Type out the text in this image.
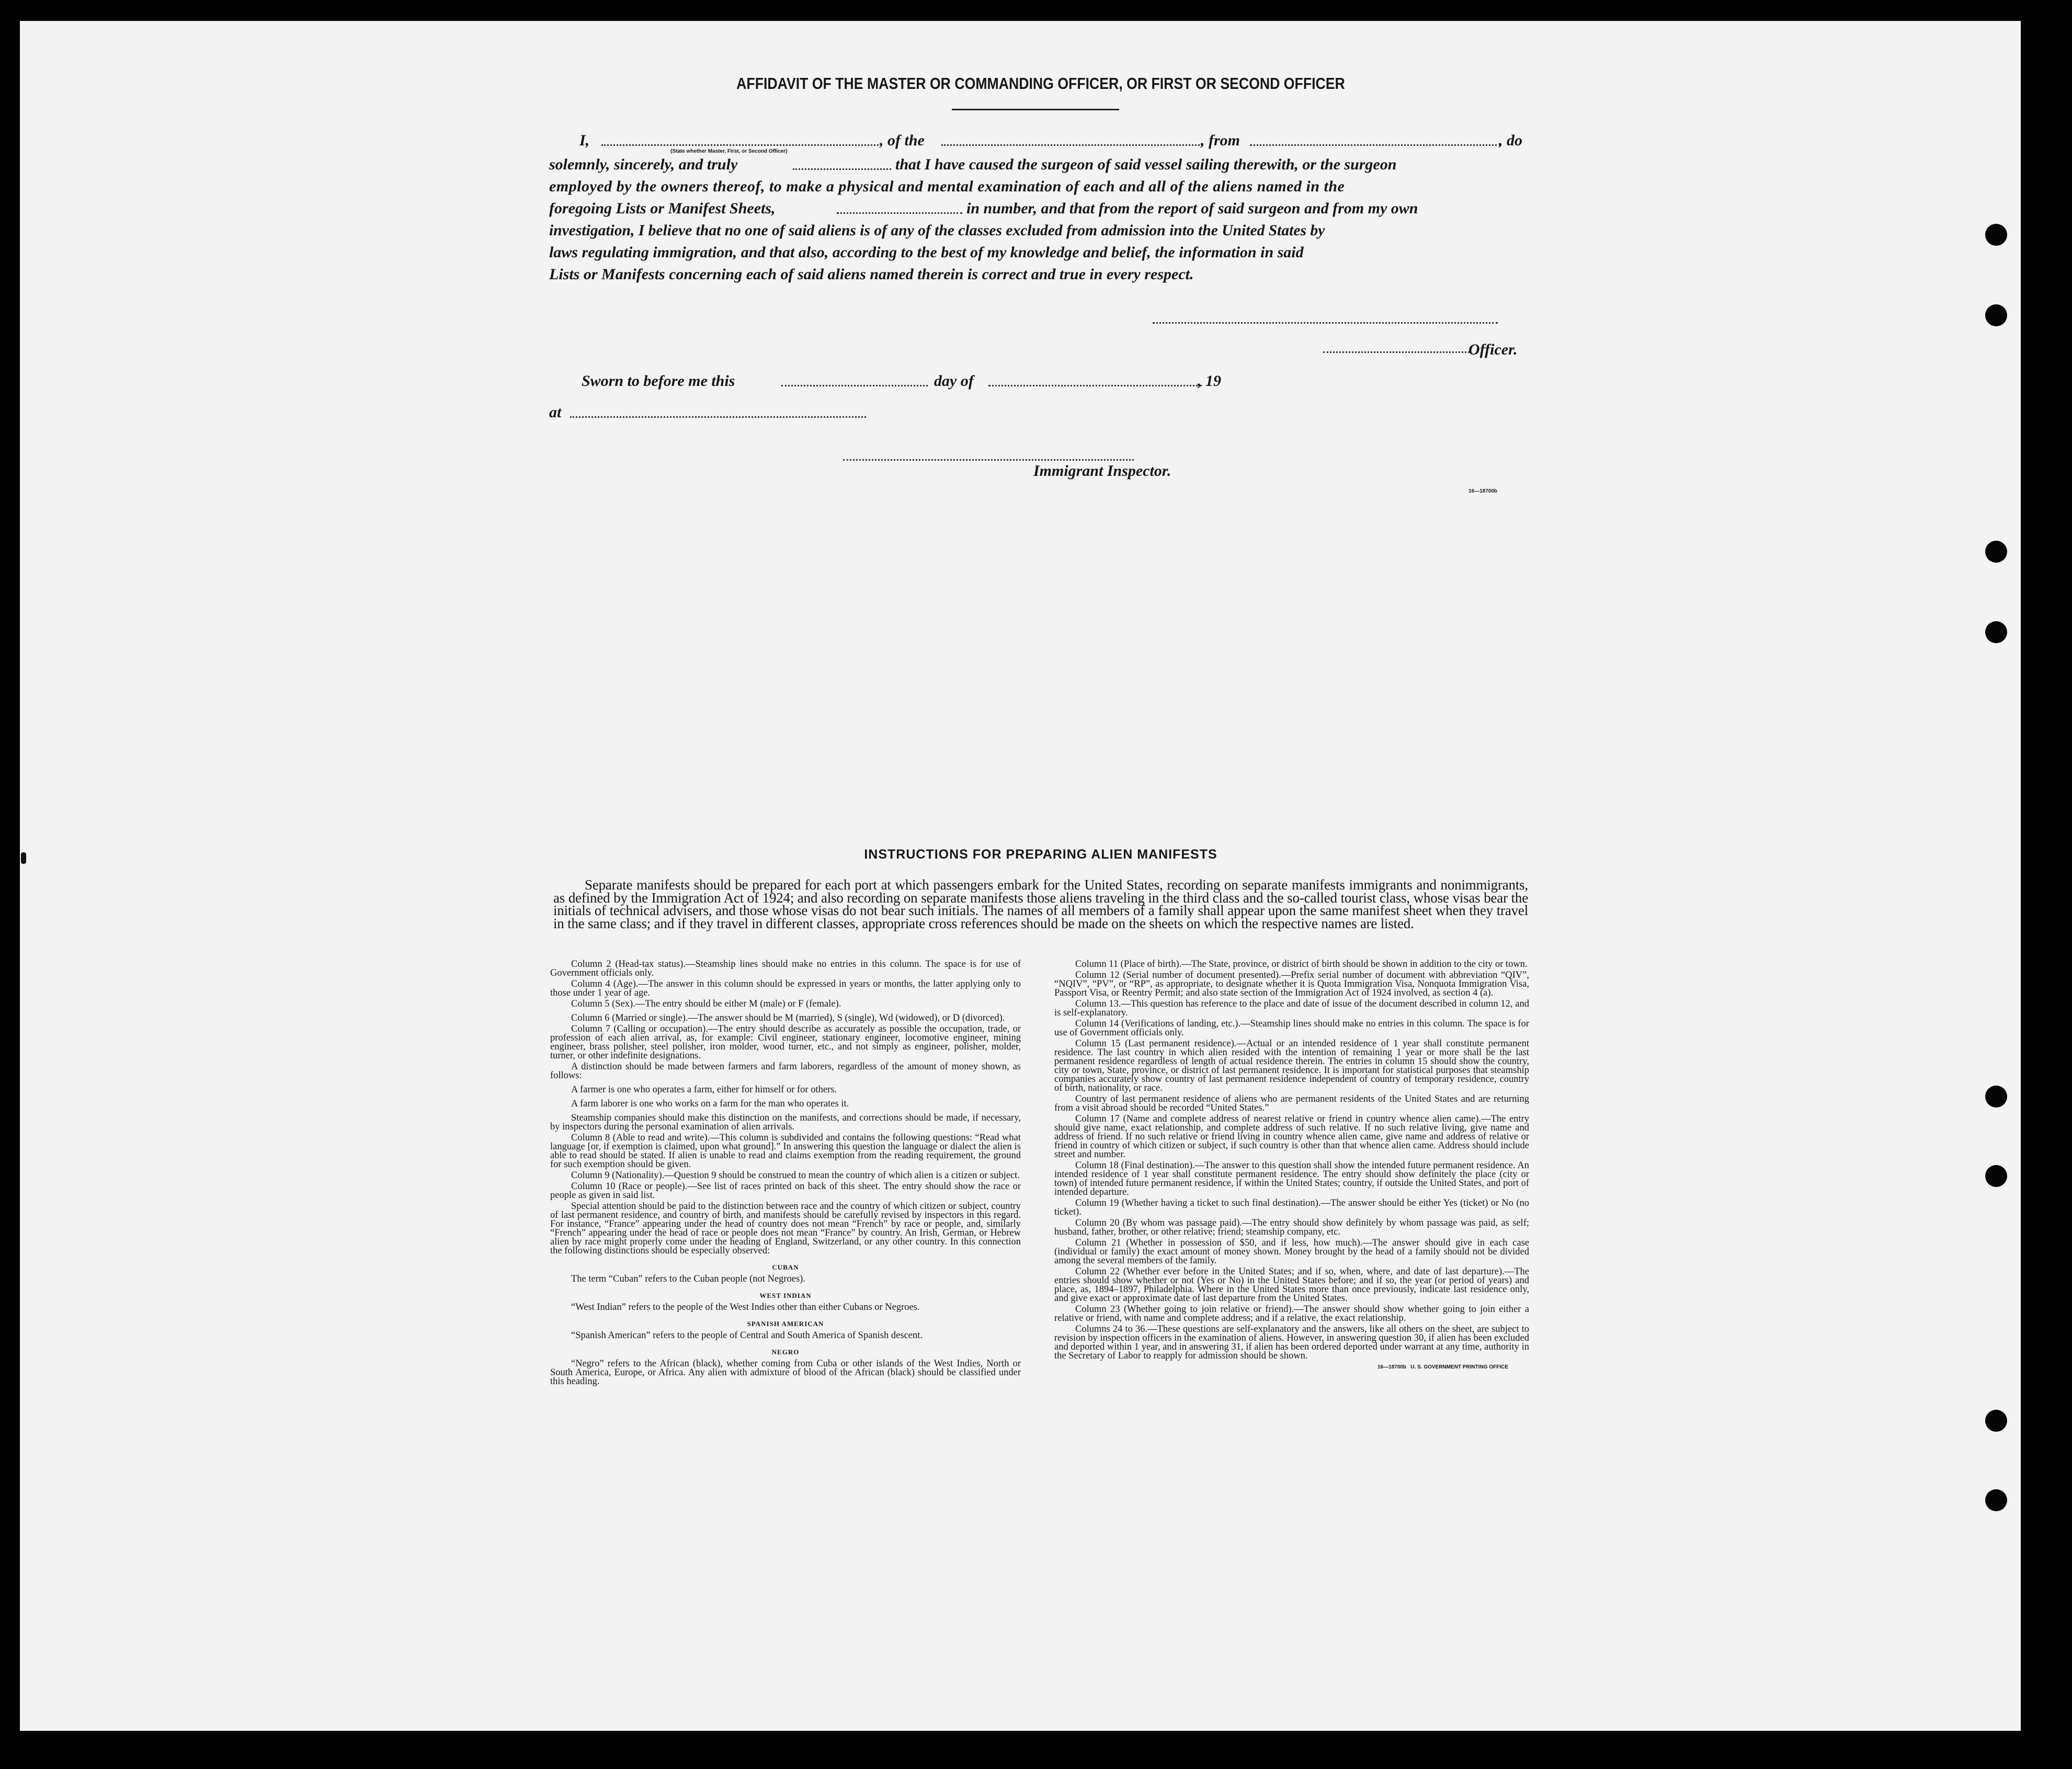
AFFIDAVIT OF THE MASTER OR COMMANDING OFFICER, OR FIRST OR SECOND OFFICER
I,
(State whether Master, First, or Second Officer)
, of the	, from	, do
solemnly, sincerely, and truly	that I have caused the surgeon of said vessel sailing therewith, or the surgeon
employed by the owners thereof, to make a physical and mental examination of each and all of the aliens named in the
foregoing Lists or Manifest Sheets,	in number, and that from the report of said surgeon and from my own
investigation, I believe that no one of said aliens is of any of the classes excluded from admission into the United States by
laws regulating immigration, and that also, according to the best of my knowledge and belief, the information in said
Lists or Manifests concerning each of said aliens named therein is correct and true in every respect.
Officer.
Sworn to before me this	day of	, 19
at
Immigrant Inspector.
16—18700b
INSTRUCTIONS FOR PREPARING ALIEN MANIFESTS

Separate manifests should be prepared for each port at which passengers embark for the United States, recording on separate manifests immigrants and nonimmigrants, as defined by the Immigration Act of 1924; and also recording on separate manifests those aliens traveling in the third class and the so-called tourist class, whose visas bear the initials of technical advisers, and those whose visas do not bear such initials. The names of all members of a family shall appear upon the same manifest sheet when they travel in the same class; and if they travel in different classes, appropriate cross references should be made on the sheets on which the respective names are listed.

Column 2 (Head-tax status).—Steamship lines should make no entries in this column. The space is for use of Government officials only.

Column 4 (Age).—The answer in this column should be expressed in years or months, the latter applying only to those under 1 year of age.

Column 5 (Sex).—The entry should be either M (male) or F (female).

Column 6 (Married or single).—The answer should be M (married), S (single), Wd (widowed), or D (divorced).

Column 7 (Calling or occupation).—The entry should describe as accurately as possible the occupation, trade, or profession of each alien arrival, as, for example: Civil engineer, stationary engineer, locomotive engineer, mining engineer, brass polisher, steel polisher, iron molder, wood turner, etc., and not simply as engineer, polisher, molder, turner, or other indefinite designations.

A distinction should be made between farmers and farm laborers, regardless of the amount of money shown, as follows:

A farmer is one who operates a farm, either for himself or for others.

A farm laborer is one who works on a farm for the man who operates it.

Steamship companies should make this distinction on the manifests, and corrections should be made, if necessary, by inspectors during the personal examination of alien arrivals.

Column 8 (Able to read and write).—This column is subdivided and contains the following questions: “Read what language [or, if exemption is claimed, upon what ground].” In answering this question the language or dialect the alien is able to read should be stated. If alien is unable to read and claims exemption from the reading requirement, the ground for such exemption should be given.

Column 9 (Nationality).—Question 9 should be construed to mean the country of which alien is a citizen or subject.

Column 10 (Race or people).—See list of races printed on back of this sheet. The entry should show the race or people as given in said list.

Special attention should be paid to the distinction between race and the country of which citizen or subject, country of last permanent residence, and country of birth, and manifests should be carefully revised by inspectors in this regard. For instance, “France” appearing under the head of country does not mean “French” by race or people, and, similarly “French” appearing under the head of race or people does not mean “France” by country. An Irish, German, or Hebrew alien by race might properly come under the heading of England, Switzerland, or any other country. In this connection the following distinctions should be especially observed:

CUBAN

The term “Cuban” refers to the Cuban people (not Negroes).

WEST INDIAN

“West Indian” refers to the people of the West Indies other than either Cubans or Negroes.

SPANISH AMERICAN

“Spanish American” refers to the people of Central and South America of Spanish descent.

NEGRO

“Negro” refers to the African (black), whether coming from Cuba or other islands of the West Indies, North or South America, Europe, or Africa. Any alien with admixture of blood of the African (black) should be classified under this heading.

Column 11 (Place of birth).—The State, province, or district of birth should be shown in addition to the city or town.

Column 12 (Serial number of document presented).—Prefix serial number of document with abbreviation “QIV”, “NQIV”, “PV”, or “RP”, as appropriate, to designate whether it is Quota Immigration Visa, Nonquota Immigration Visa, Passport Visa, or Reentry Permit; and also state section of the Immigration Act of 1924 involved, as section 4 (a).

Column 13.—This question has reference to the place and date of issue of the document described in column 12, and is self-explanatory.

Column 14 (Verifications of landing, etc.).—Steamship lines should make no entries in this column. The space is for use of Government officials only.

Column 15 (Last permanent residence).—Actual or an intended residence of 1 year shall constitute permanent residence. The last country in which alien resided with the intention of remaining 1 year or more shall be the last permanent residence regardless of length of actual residence therein. The entries in column 15 should show the country, city or town, State, province, or district of last permanent residence. It is important for statistical purposes that steamship companies accurately show country of last permanent residence independent of country of temporary residence, country of birth, nationality, or race.

Country of last permanent residence of aliens who are permanent residents of the United States and are returning from a visit abroad should be recorded “United States.”

Column 17 (Name and complete address of nearest relative or friend in country whence alien came).—The entry should give name, exact relationship, and complete address of such relative. If no such relative living, give name and address of friend. If no such relative or friend living in country whence alien came, give name and address of relative or friend in country of which citizen or subject, if such country is other than that whence alien came. Address should include street and number.

Column 18 (Final destination).—The answer to this question shall show the intended future permanent residence. An intended residence of 1 year shall constitute permanent residence. The entry should show definitely the place (city or town) of intended future permanent residence, if within the United States; country, if outside the United States, and port of intended departure.

Column 19 (Whether having a ticket to such final destination).—The answer should be either Yes (ticket) or No (no ticket).

Column 20 (By whom was passage paid).—The entry should show definitely by whom passage was paid, as self; husband, father, brother, or other relative; friend; steamship company, etc.

Column 21 (Whether in possession of $50, and if less, how much).—The answer should give in each case (individual or family) the exact amount of money shown. Money brought by the head of a family should not be divided among the several members of the family.

Column 22 (Whether ever before in the United States; and if so, when, where, and date of last departure).—The entries should show whether or not (Yes or No) in the United States before; and if so, the year (or period of years) and place, as, 1894–1897, Philadelphia. Where in the United States more than once previously, indicate last residence only, and give exact or approximate date of last departure from the United States.

Column 23 (Whether going to join relative or friend).—The answer should show whether going to join either a relative or friend, with name and complete address; and if a relative, the exact relationship.

Columns 24 to 36.—These questions are self-explanatory and the answers, like all others on the sheet, are subject to revision by inspection officers in the examination of aliens. However, in answering question 30, if alien has been excluded and deported within 1 year, and in answering 31, if alien has been ordered deported under warrant at any time, authority in the Secretary of Labor to reapply for admission should be shown.

16—18700b   U. S. GOVERNMENT PRINTING OFFICE
